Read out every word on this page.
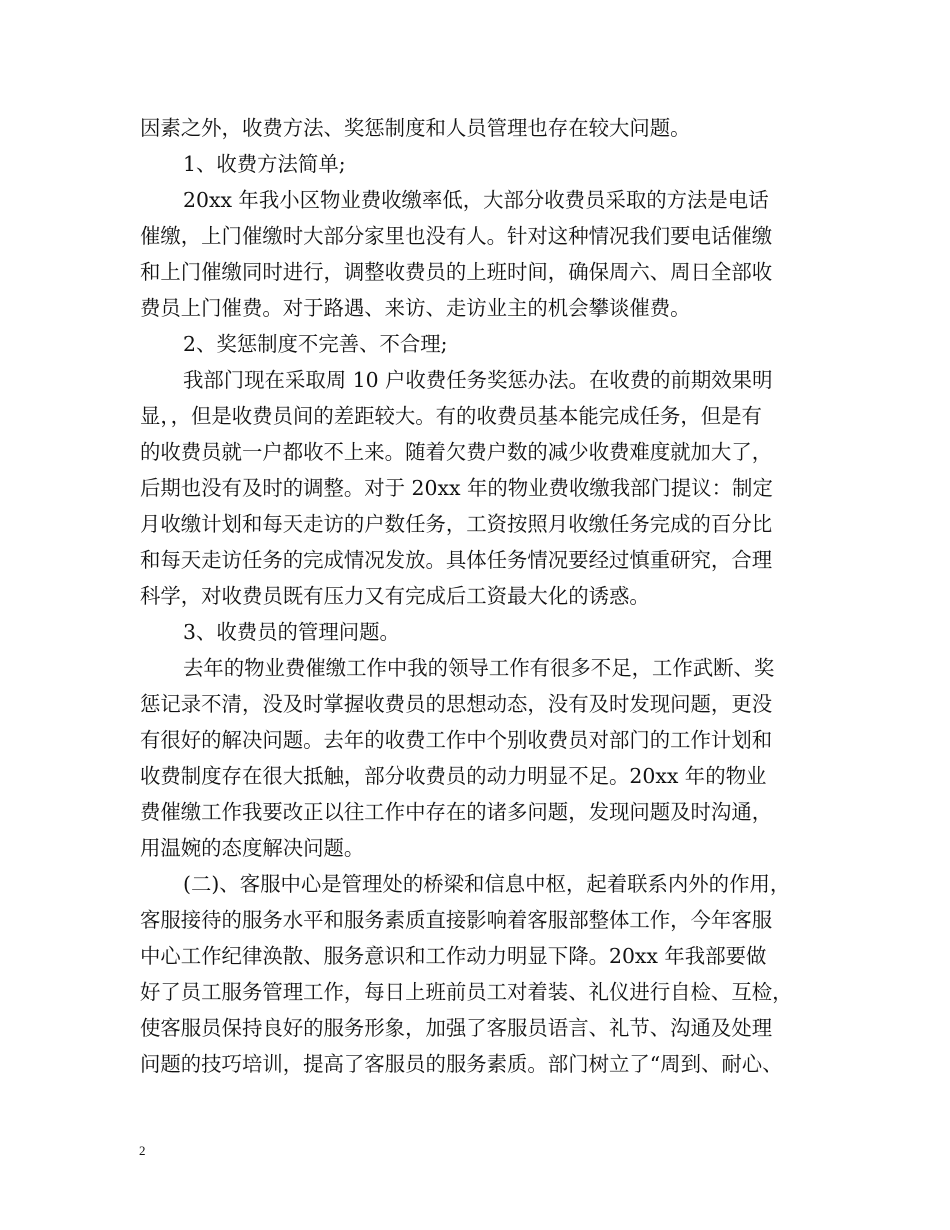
因素之外，收费方法、奖惩制度和人员管理也存在较大问题。
1、收费方法简单;
20xx 年我小区物业费收缴率低，大部分收费员采取的方法是电话
催缴，上门催缴时大部分家里也没有人。针对这种情况我们要电话催缴
和上门催缴同时进行，调整收费员的上班时间，确保周六、周日全部收
费员上门催费。对于路遇、来访、走访业主的机会攀谈催费。
2、奖惩制度不完善、不合理;
我部门现在采取周 10 户收费任务奖惩办法。在收费的前期效果明
显，，但是收费员间的差距较大。有的收费员基本能完成任务，但是有
的收费员就一户都收不上来。随着欠费户数的减少收费难度就加大了，
后期也没有及时的调整。对于 20xx 年的物业费收缴我部门提议：制定
月收缴计划和每天走访的户数任务，工资按照月收缴任务完成的百分比
和每天走访任务的完成情况发放。具体任务情况要经过慎重研究，合理
科学，对收费员既有压力又有完成后工资最大化的诱惑。
3、收费员的管理问题。
去年的物业费催缴工作中我的领导工作有很多不足，工作武断、奖
惩记录不清，没及时掌握收费员的思想动态，没有及时发现问题，更没
有很好的解决问题。去年的收费工作中个别收费员对部门的工作计划和
收费制度存在很大抵触，部分收费员的动力明显不足。20xx 年的物业
费催缴工作我要改正以往工作中存在的诸多问题，发现问题及时沟通，
用温婉的态度解决问题。
(二)、客服中心是管理处的桥梁和信息中枢，起着联系内外的作用，
客服接待的服务水平和服务素质直接影响着客服部整体工作，今年客服
中心工作纪律涣散、服务意识和工作动力明显下降。20xx 年我部要做
好了员工服务管理工作，每日上班前员工对着装、礼仪进行自检、互检，
使客服员保持良好的服务形象，加强了客服员语言、礼节、沟通及处理
问题的技巧培训，提高了客服员的服务素质。部门树立了“周到、耐心、
2
